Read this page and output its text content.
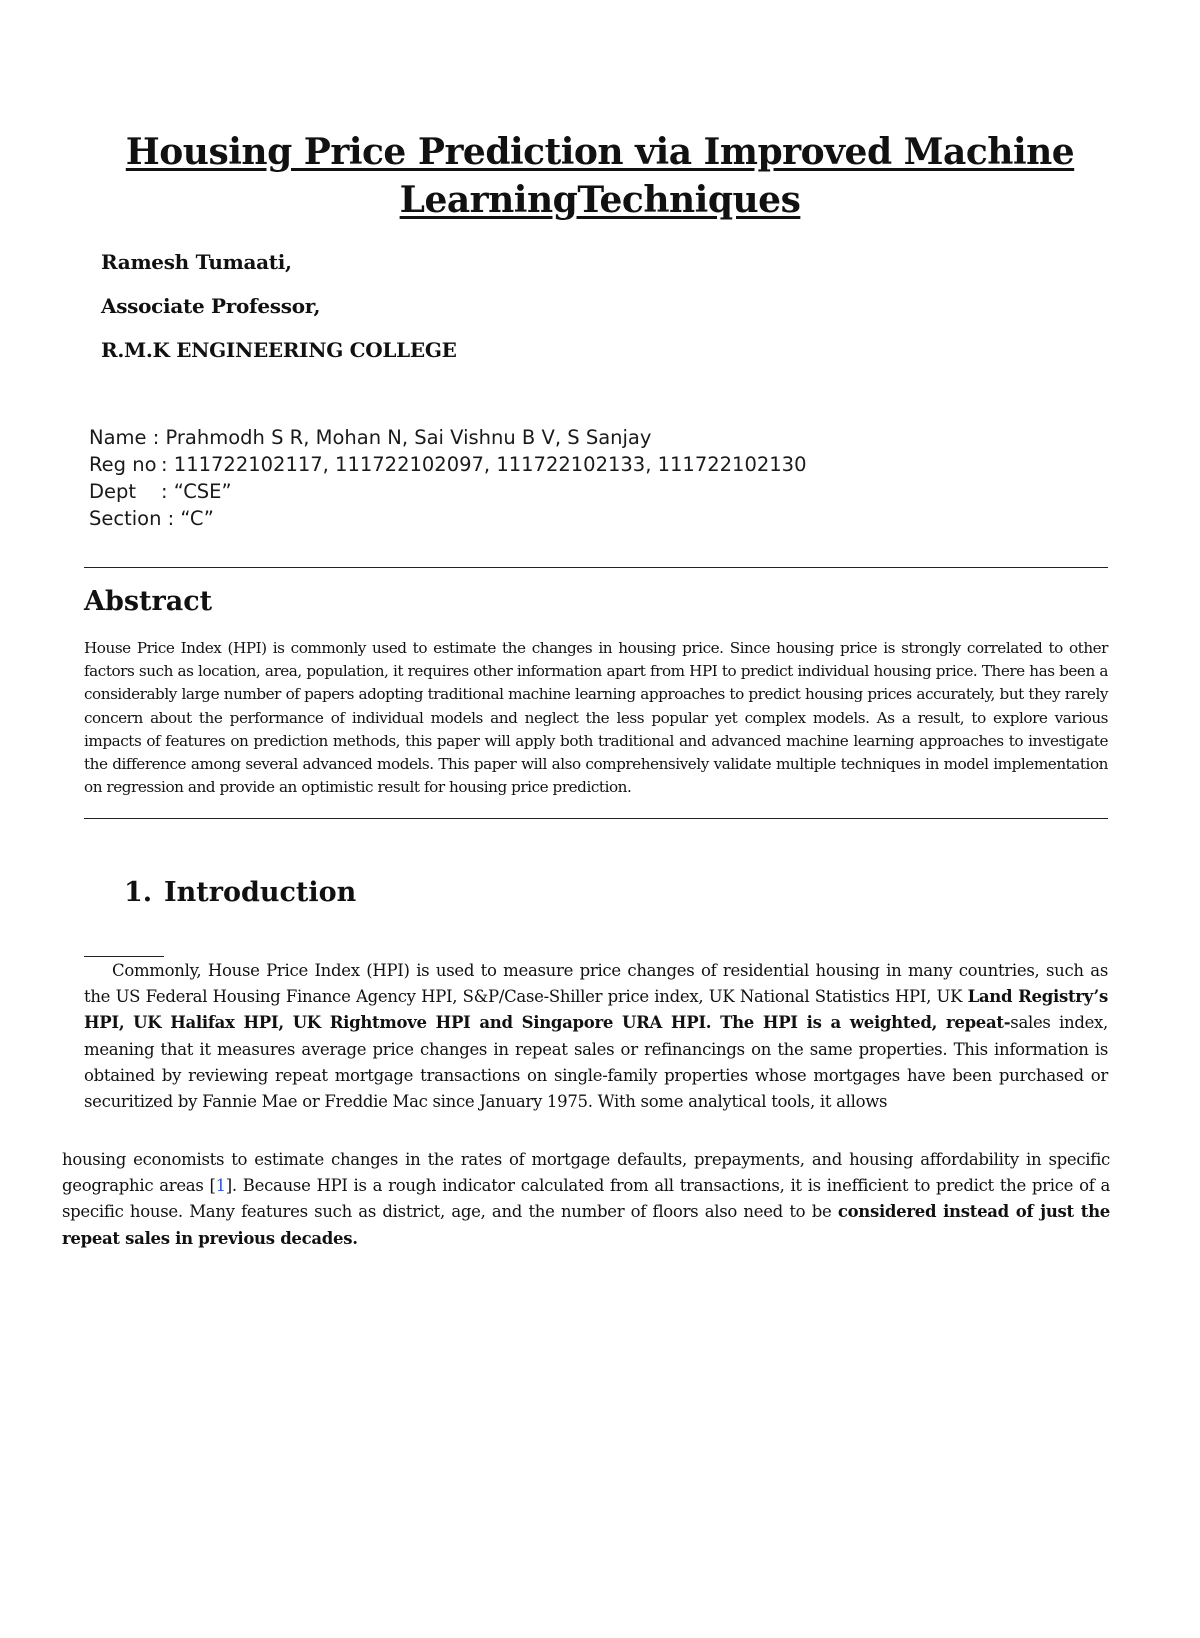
Housing Price Prediction via Improved Machine
LearningTechniques
Ramesh Tumaati,
Associate Professor,
R.M.K ENGINEERING COLLEGE
Name : Prahmodh S R, Mohan N, Sai Vishnu B V, S Sanjay
Reg no : 111722102117, 111722102097, 111722102133, 111722102130
Dept : “CSE”
Section : “C”
Abstract
House Price Index (HPI) is commonly used to estimate the changes in housing price. Since housing price is strongly correlated to other factors such as location, area, population, it requires other information apart from HPI to predict individual housing price. There has been a considerably large number of papers adopting traditional machine learning approaches to predict housing prices accurately, but they rarely concern about the performance of individual models and neglect the less popular yet complex models. As a result, to explore various impacts of features on prediction methods, this paper will apply both traditional and advanced machine learning approaches to investigate the difference among several advanced models. This paper will also comprehensively validate multiple techniques in model implementation on regression and provide an optimistic result for housing price prediction.
1. Introduction
Commonly, House Price Index (HPI) is used to measure price changes of residential housing in many countries, such as the US Federal Housing Finance Agency HPI, S&P/Case-Shiller price index, UK National Statistics HPI, UK Land Registry’s HPI, UK Halifax HPI, UK Rightmove HPI and Singapore URA HPI. The HPI is a weighted, repeat-sales index, meaning that it measures average price changes in repeat sales or refinancings on the same properties. This information is obtained by reviewing repeat mortgage transactions on single-family properties whose mortgages have been purchased or securitized by Fannie Mae or Freddie Mac since January 1975. With some analytical tools, it allows
housing economists to estimate changes in the rates of mortgage defaults, prepayments, and housing affordability in specific geographic areas [1]. Because HPI is a rough indicator calculated from all transactions, it is inefficient to predict the price of a specific house. Many features such as district, age, and the number of floors also need to be considered instead of just the repeat sales in previous decades.
